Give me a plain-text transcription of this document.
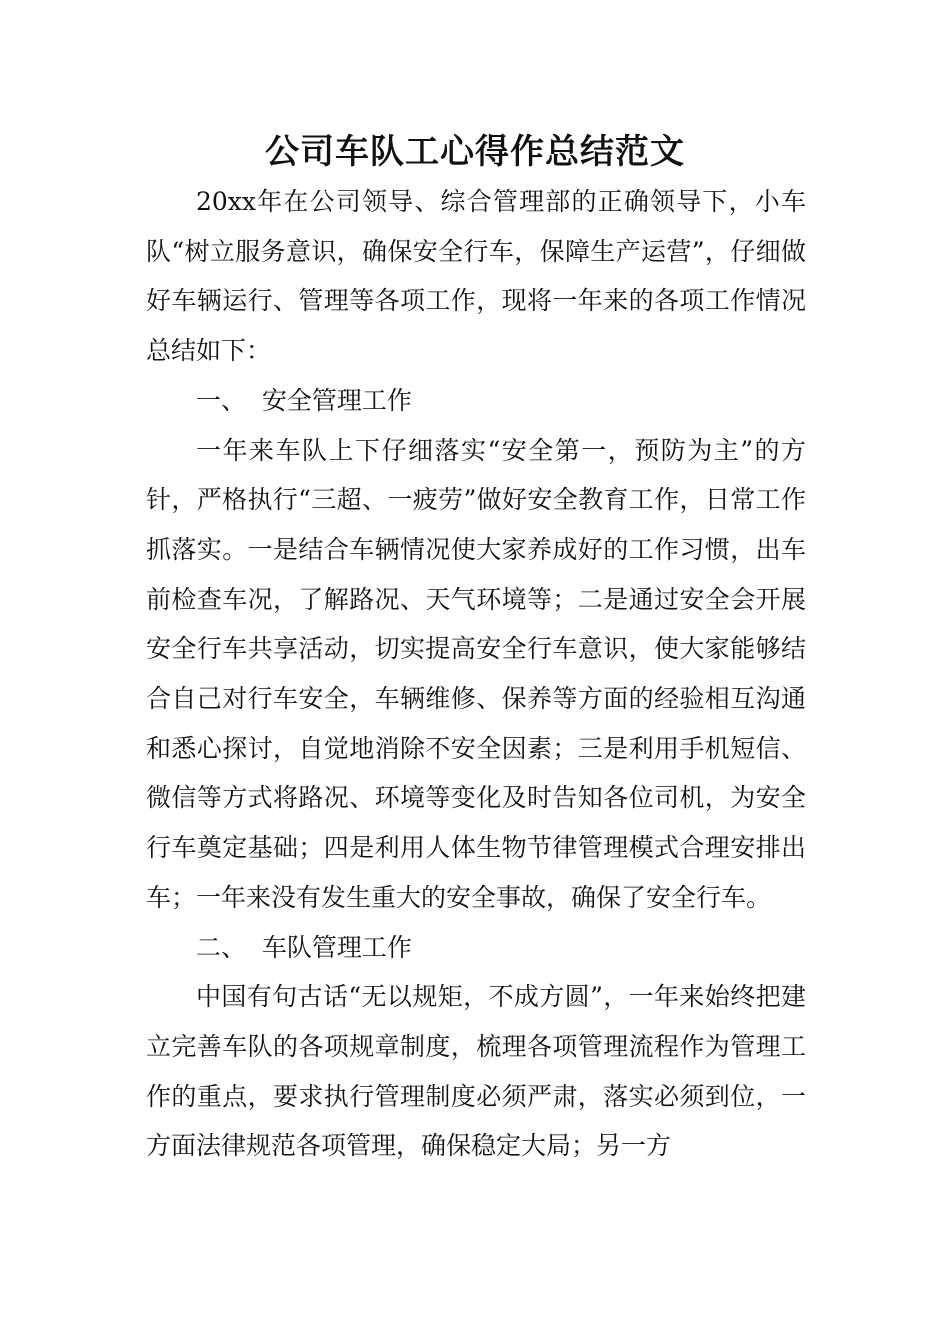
公司车队工心得作总结范文

20xx年在公司领导、综合管理部的正确领导下，小车队“树立服务意识，确保安全行车，保障生产运营”，仔细做好车辆运行、管理等各项工作，现将一年来的各项工作情况总结如下：

一、  安全管理工作

一年来车队上下仔细落实“安全第一，预防为主”的方针，严格执行“三超、一疲劳”做好安全教育工作，日常工作抓落实。一是结合车辆情况使大家养成好的工作习惯，出车前检查车况，了解路况、天气环境等；二是通过安全会开展安全行车共享活动，切实提高安全行车意识，使大家能够结合自己对行车安全，车辆维修、保养等方面的经验相互沟通和悉心探讨，自觉地消除不安全因素；三是利用手机短信、微信等方式将路况、环境等变化及时告知各位司机，为安全行车奠定基础；四是利用人体生物节律管理模式合理安排出车；一年来没有发生重大的安全事故，确保了安全行车。

二、  车队管理工作

中国有句古话“无以规矩，不成方圆”，一年来始终把建立完善车队的各项规章制度，梳理各项管理流程作为管理工作的重点，要求执行管理制度必须严肃，落实必须到位，一方面法律规范各项管理，确保稳定大局；另一方
